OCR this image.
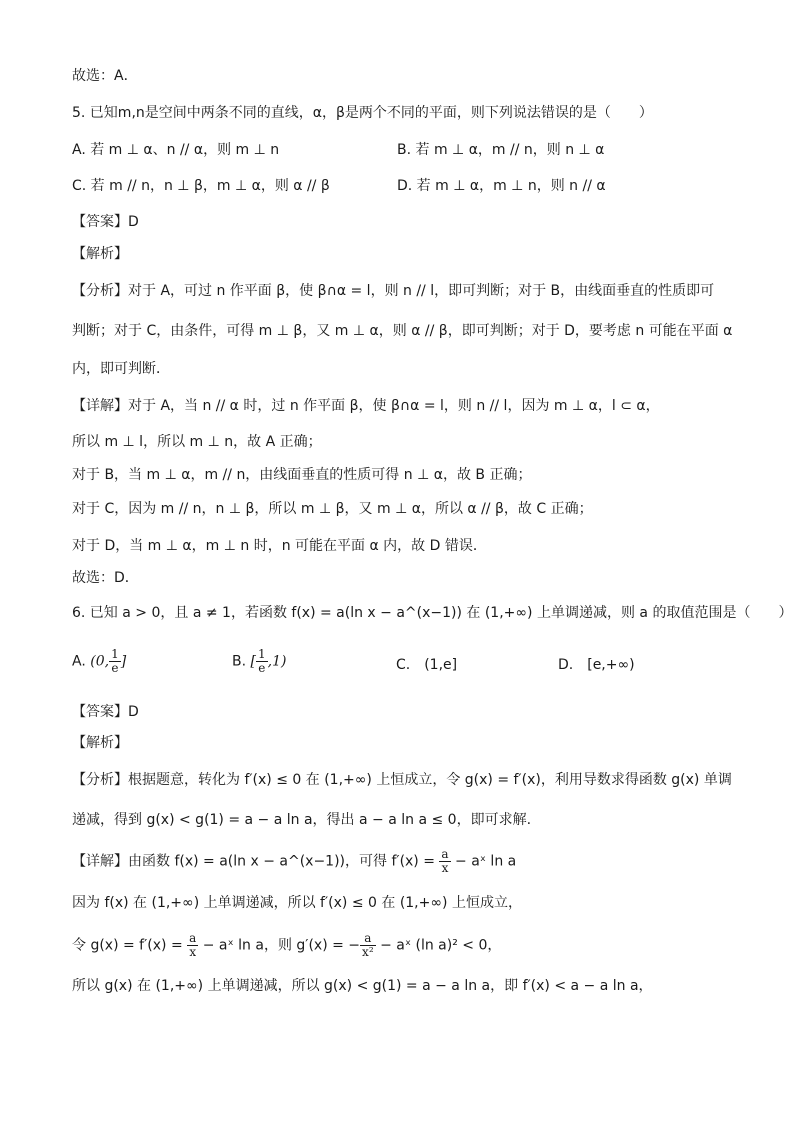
故选：A．
5. 已知m,n是空间中两条不同的直线，α，β是两个不同的平面，则下列说法错误的是（　　）
A. 若 m ⊥ α、n // α，则 m ⊥ n	B. 若 m ⊥ α，m // n，则 n ⊥ α
C. 若 m // n，n ⊥ β，m ⊥ α，则 α // β	D. 若 m ⊥ α，m ⊥ n，则 n // α
【答案】D
【解析】
【分析】对于 A，可过 n 作平面 β，使 β∩α = l，则 n // l，即可判断；对于 B，由线面垂直的性质即可
判断；对于 C，由条件，可得 m ⊥ β，又 m ⊥ α，则 α // β，即可判断；对于 D，要考虑 n 可能在平面 α
内，即可判断．
【详解】对于 A，当 n // α 时，过 n 作平面 β，使 β∩α = l，则 n // l，因为 m ⊥ α，l ⊂ α，
所以 m ⊥ l，所以 m ⊥ n，故 A 正确；
对于 B，当 m ⊥ α，m // n，由线面垂直的性质可得 n ⊥ α，故 B 正确；
对于 C，因为 m // n，n ⊥ β，所以 m ⊥ β，又 m ⊥ α，所以 α // β，故 C 正确；
对于 D，当 m ⊥ α，m ⊥ n 时，n 可能在平面 α 内，故 D 错误．
故选：D．
6. 已知 a > 0，且 a ≠ 1，若函数 f(x) = a(ln x − a^(x−1)) 在 (1,+∞) 上单调递减，则 a 的取值范围是（　　）
A. (0, $\frac{1}{e}$ ]	B. [ $\frac{1}{e} ,1$)	C.　(1,e]	D.　[e,+∞)
【答案】D
【解析】
【分析】根据题意，转化为 f′(x) ≤ 0 在 (1,+∞) 上恒成立，令 g(x) = f′(x)，利用导数求得函数 g(x) 单调
递减，得到 g(x) < g(1) = a − a ln a，得出 a − a ln a ≤ 0，即可求解.
【详解】由函数 f(x) = a(ln x − a^(x−1))，可得 $f'(x) = \frac{a}{x}$ − aˣ ln a
因为 f(x) 在 (1,+∞) 上单调递减，所以 f′(x) ≤ 0 在 (1,+∞) 上恒成立，
令 $g(x) = f'(x) = \frac{a}{x}$ − aˣ ln a，则 g′(x) = − $\frac{a}{\text{x²}}$ − aˣ (ln a)² < 0，
所以 g(x) 在 (1,+∞) 上单调递减，所以 g(x) < g(1) = a − a ln a，即 f′(x) < a − a ln a，
